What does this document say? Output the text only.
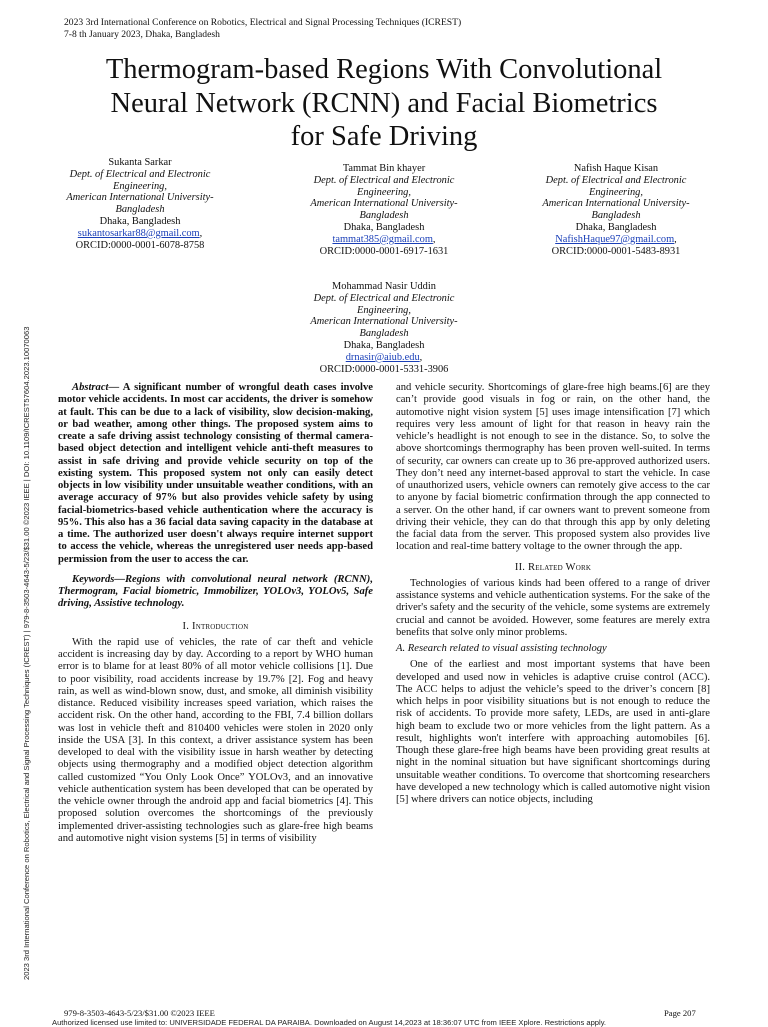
2023 3rd International Conference on Robotics, Electrical and Signal Processing Techniques (ICREST)
7-8 th January 2023, Dhaka, Bangladesh
Thermogram-based Regions With Convolutional
Neural Network (RCNN) and Facial Biometrics
for Safe Driving
Sukanta Sarkar
Dept. of Electrical and Electronic
Engineering,
American International University-
Bangladesh
Dhaka, Bangladesh
sukantosarkar88@gmail.com,
ORCID:0000-0001-6078-8758
Tammat Bin khayer
Dept. of Electrical and Electronic
Engineering,
American International University-
Bangladesh
Dhaka, Bangladesh
tammat385@gmail.com,
ORCID:0000-0001-6917-1631
Nafish Haque Kisan
Dept. of Electrical and Electronic
Engineering,
American International University-
Bangladesh
Dhaka, Bangladesh
NafishHaque97@gmail.com,
ORCID:0000-0001-5483-8931
Mohammad Nasir Uddin
Dept. of Electrical and Electronic
Engineering,
American International University-
Bangladesh
Dhaka, Bangladesh
drnasir@aiub.edu,
ORCID:0000-0001-5331-3906
2023 3rd International Conference on Robotics, Electrical and Signal Processing Techniques (ICREST) | 979-8-3503-4643-5/23/$31.00 ©2023 IEEE | DOI: 10.1109/ICREST57604.2023.10070063	Abstract— A significant number of wrongful death cases involve motor vehicle accidents. In most car accidents, the driver is somehow at fault. This can be due to a lack of visibility, slow decision-making, or bad weather, among other things. The proposed system aims to create a safe driving assist technology consisting of thermal camera-based object detection and intelligent vehicle anti-theft measures to assist in safe driving and provide vehicle security on top of the existing system. This proposed system not only can easily detect objects in low visibility under unsuitable weather conditions, with an average accuracy of 97% but also provides vehicle safety by using facial-biometrics-based vehicle authentication where the accuracy is 95%. This also has a 36 facial data saving capacity in the database at a time. The authorized user doesn't always require internet support to access the vehicle, whereas the unregistered user needs app-based permission from the user to access the car.

Keywords—Regions with convolutional neural network (RCNN), Thermogram, Facial biometric, Immobilizer, YOLOv3, YOLOv5, Safe driving, Assistive technology.

I. Introduction

With the rapid use of vehicles, the rate of car theft and vehicle accident is increasing day by day. According to a report by WHO human error is to blame for at least 80% of all motor vehicle collisions [1]. Due to poor visibility, road accidents increase by 19.7% [2]. Fog and heavy rain, as well as wind-blown snow, dust, and smoke, all diminish visibility distance. Reduced visibility increases speed variation, which raises the accident risk. On the other hand, according to the FBI, 7.4 billion dollars was lost in vehicle theft and 810400 vehicles were stolen in 2020 only inside the USA [3]. In this context, a driver assistance system has been developed to deal with the visibility issue in harsh weather by detecting objects using thermography and a modified object detection algorithm called customized “You Only Look Once” YOLOv3, and an innovative vehicle authentication system has been developed that can be operated by the vehicle owner through the android app and facial biometrics [4]. This proposed solution overcomes the shortcomings of the previously implemented driver-assisting technologies such as glare-free high beams and automotive night vision systems [5] in terms of visibility

and vehicle security. Shortcomings of glare-free high beams.[6] are they can’t provide good visuals in fog or rain, on the other hand, the automotive night vision system [5] uses image intensification [7] which requires very less amount of light for that reason in heavy rain the vehicle’s headlight is not enough to see in the distance. So, to solve the above shortcomings thermography has been proven well-suited. In terms of security, car owners can create up to 36 pre-approved authorized users. They don’t need any internet-based approval to start the vehicle. In case of unauthorized users, vehicle owners can remotely give access to the car to anyone by facial biometric confirmation through the app connected to a server. On the other hand, if car owners want to prevent someone from driving their vehicle, they can do that through this app by only deleting the facial data from the server. This proposed system also provides live location and real-time battery voltage to the owner through the app.

II. Related Work

Technologies of various kinds had been offered to a range of driver assistance systems and vehicle authentication systems. For the sake of the driver's safety and the security of the vehicle, some systems are extremely crucial and cannot be avoided. However, some features are merely extra benefits that solve only minor problems.

A. Research related to visual assisting technology

One of the earliest and most important systems that have been developed and used now in vehicles is adaptive cruise control (ACC). The ACC helps to adjust the vehicle’s speed to the driver’s concern [8] which helps in poor visibility situations but is not enough to reduce the risk of accidents. To provide more safety, LEDs, are used in anti-glare high beam to exclude two or more vehicles from the light pattern. As a result, highlights won't interfere with approaching automobiles [6]. Though these glare-free high beams have been providing great results at night in the nominal situation but have significant shortcomings during unsuitable weather conditions. To overcome that shortcoming researchers have developed a new technology which is called automotive night vision [5] where drivers can notice objects, including

979-8-3503-4643-5/23/$31.00 ©2023 IEEE	Page 207
Authorized licensed use limited to: UNIVERSIDADE FEDERAL DA PARAIBA. Downloaded on August 14,2023 at 18:36:07 UTC from IEEE Xplore. Restrictions apply.
